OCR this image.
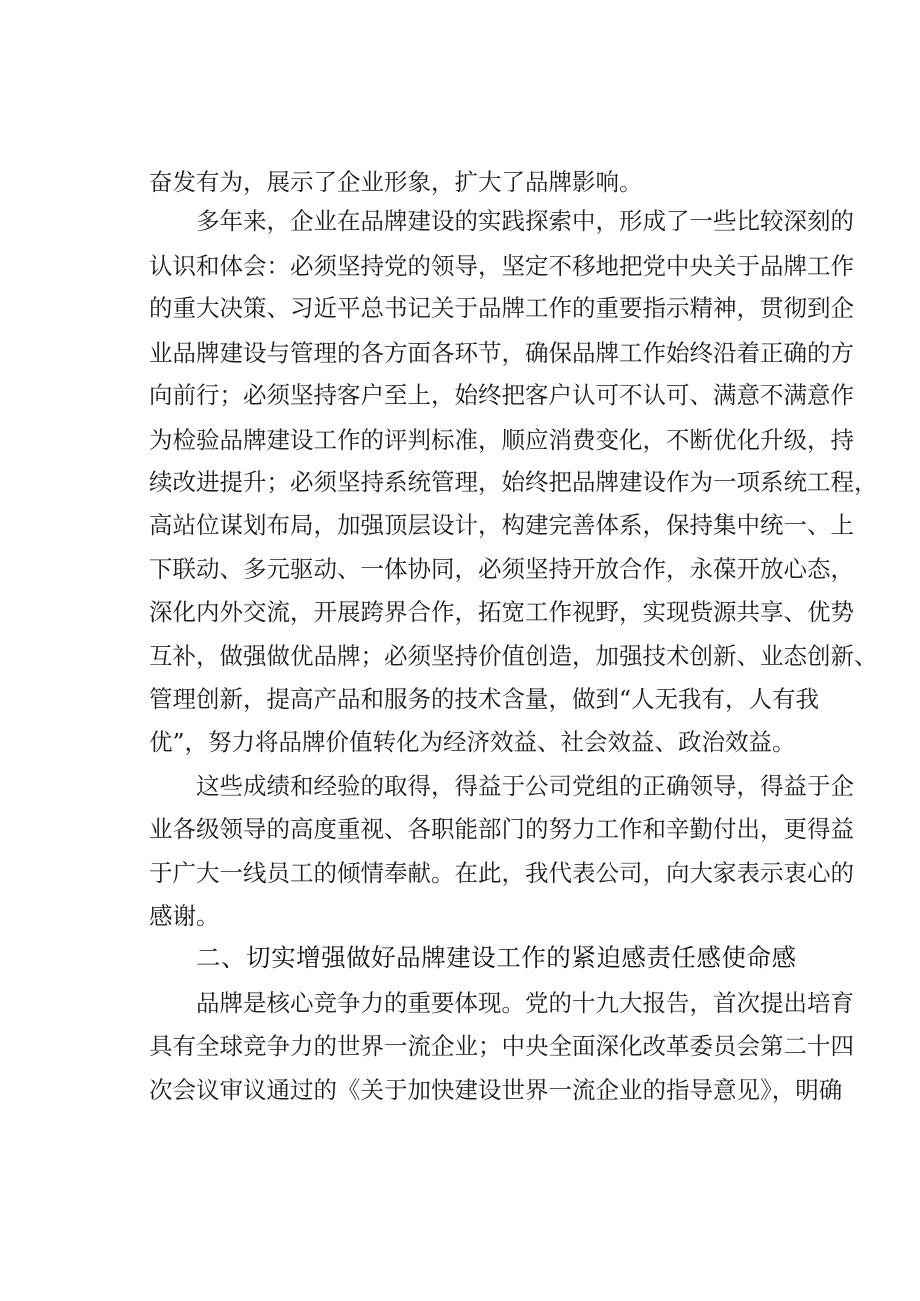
奋发有为，展示了企业形象，扩大了品牌影响。
多年来，企业在品牌建设的实践探索中，形成了一些比较深刻的
认识和体会：必须坚持党的领导，坚定不移地把党中央关于品牌工作
的重大决策、习近平总书记关于品牌工作的重要指示精神，贯彻到企
业品牌建设与管理的各方面各环节，确保品牌工作始终沿着正确的方
向前行；必须坚持客户至上，始终把客户认可不认可、满意不满意作
为检验品牌建设工作的评判标准，顺应消费变化，不断优化升级，持
续改进提升；必须坚持系统管理，始终把品牌建设作为一项系统工程，
高站位谋划布局，加强顶层设计，构建完善体系，保持集中统一、上
下联动、多元驱动、一体协同，必须坚持开放合作，永葆开放心态，
深化内外交流，开展跨界合作，拓宽工作视野，实现赀源共享、优势
互补，做强做优品牌；必须坚持价值创造，加强技术创新、业态创新、
管理创新，提高产品和服务的技术含量，做到“人无我有，人有我
优”，努力将品牌价值转化为经济效益、社会效益、政治效益。
这些成绩和经验的取得，得益于公司党组的正确领导，得益于企
业各级领导的高度重视、各职能部门的努力工作和辛勤付出，更得益
于广大一线员工的倾情奉献。在此，我代表公司，向大家表示衷心的
感谢。
二、切实增强做好品牌建设工作的紧迫感责任感使命感
品牌是核心竞争力的重要体现。党的十九大报告，首次提出培育
具有全球竞争力的世界一流企业；中央全面深化改革委员会第二十四
次会议审议通过的《关于加快建设世界一流企业的指导意见》，明确
